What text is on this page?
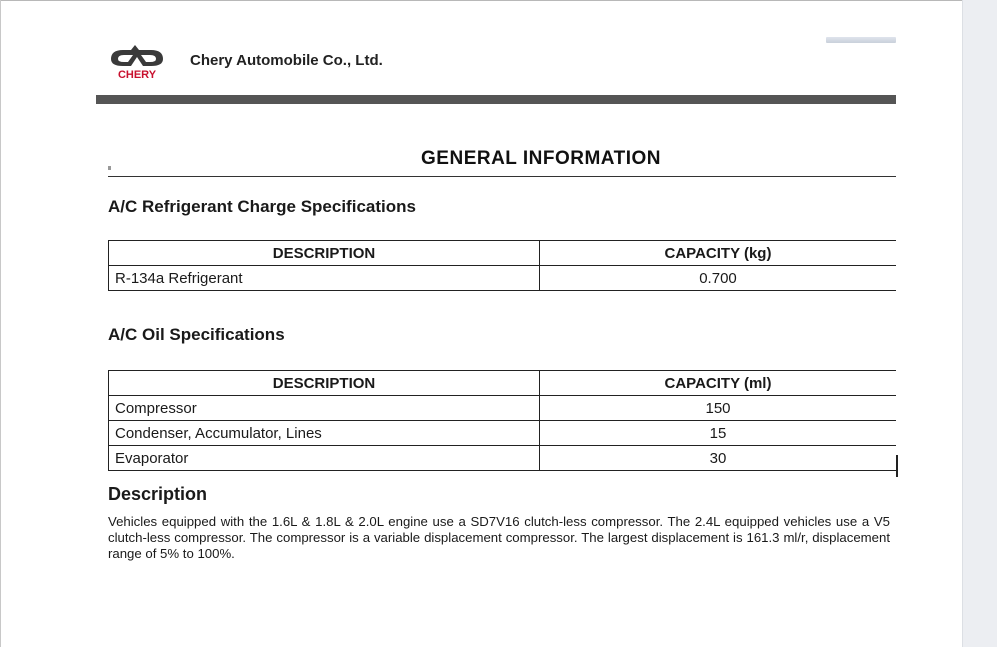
CHERY
Chery Automobile Co., Ltd.
GENERAL INFORMATION
A/C Refrigerant Charge Specifications
DESCRIPTION	CAPACITY (kg)
R-134a Refrigerant	0.700
A/C Oil Specifications
DESCRIPTION	CAPACITY (ml)
Compressor	150
Condenser, Accumulator, Lines	15
Evaporator	30
Description
Vehicles equipped with the 1.6L & 1.8L & 2.0L engine use a SD7V16 clutch-less compressor. The 2.4L equipped vehicles use a V5 clutch-less compressor. The compressor is a variable displacement compressor. The largest displacement is 161.3 ml/r, displacement range of 5% to 100%.
